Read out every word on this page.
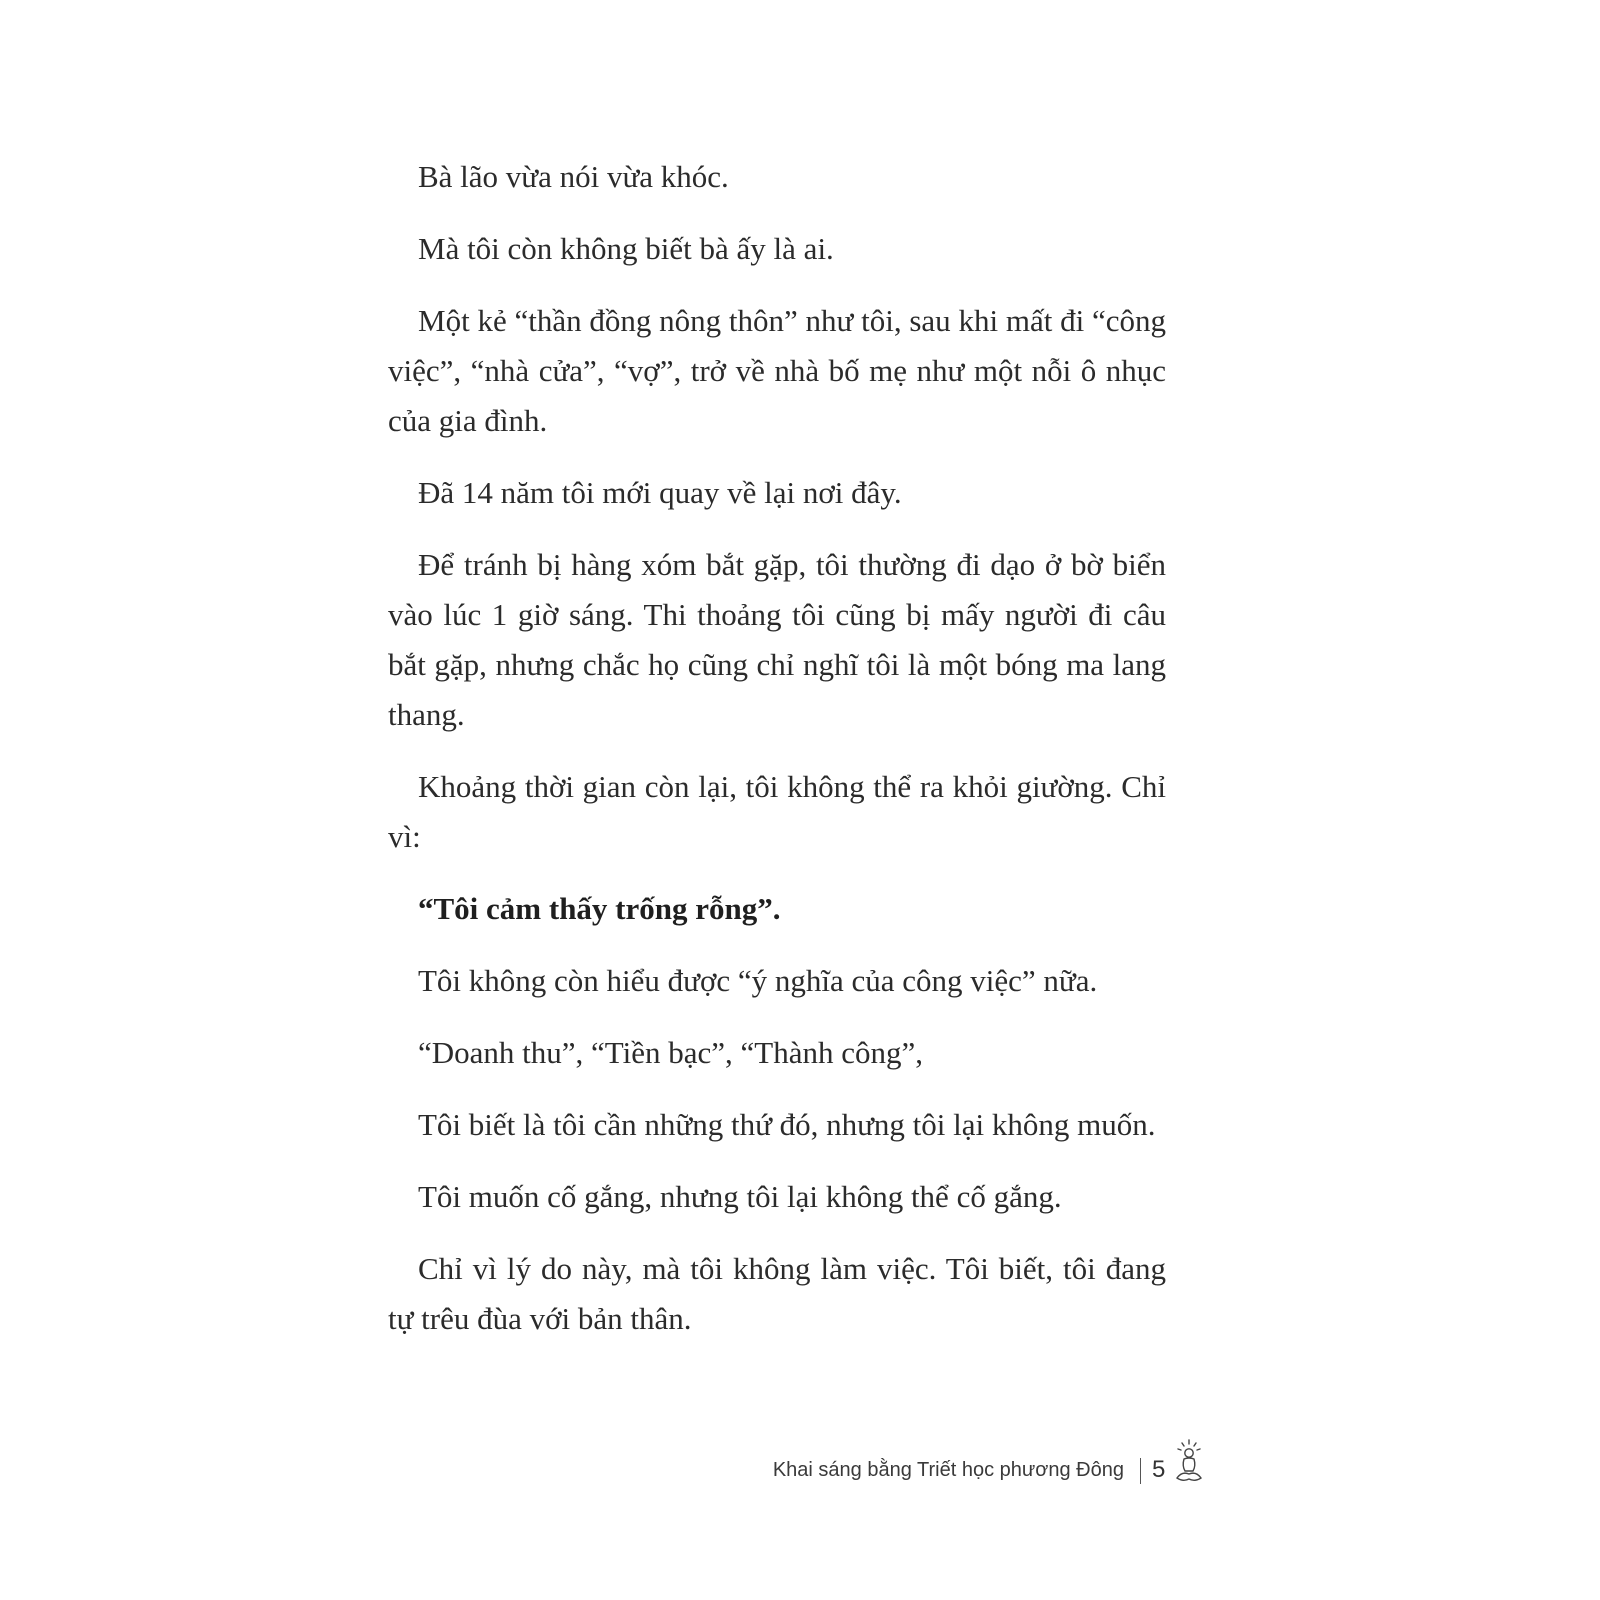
Bà lão vừa nói vừa khóc.

Mà tôi còn không biết bà ấy là ai.

Một kẻ “thần đồng nông thôn” như tôi, sau khi mất đi “công việc”, “nhà cửa”, “vợ”, trở về nhà bố mẹ như một nỗi ô nhục của gia đình.

Đã 14 năm tôi mới quay về lại nơi đây.

Để tránh bị hàng xóm bắt gặp, tôi thường đi dạo ở bờ biển vào lúc 1 giờ sáng. Thi thoảng tôi cũng bị mấy người đi câu bắt gặp, nhưng chắc họ cũng chỉ nghĩ tôi là một bóng ma lang thang.

Khoảng thời gian còn lại, tôi không thể ra khỏi giường. Chỉ vì:

“Tôi cảm thấy trống rỗng”.

Tôi không còn hiểu được “ý nghĩa của công việc” nữa.

“Doanh thu”, “Tiền bạc”, “Thành công”,

Tôi biết là tôi cần những thứ đó, nhưng tôi lại không muốn.

Tôi muốn cố gắng, nhưng tôi lại không thể cố gắng.

Chỉ vì lý do này, mà tôi không làm việc. Tôi biết, tôi đang tự trêu đùa với bản thân.

Khai sáng bằng Triết học phương Đông 5
